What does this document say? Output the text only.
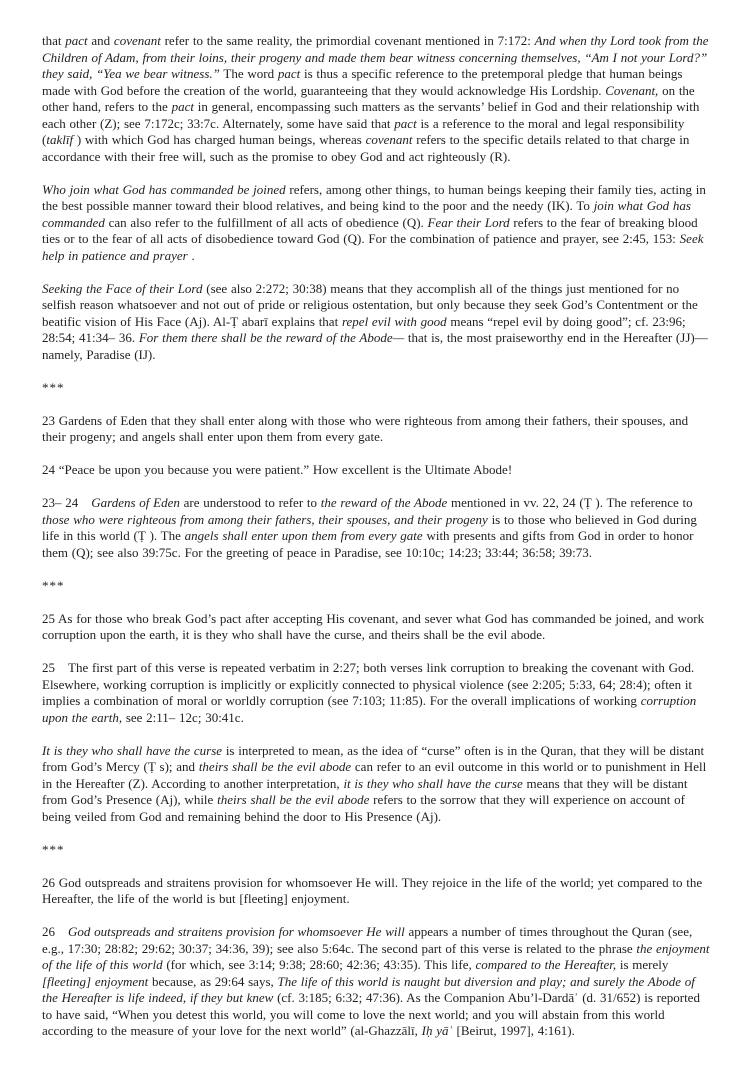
that pact and covenant refer to the same reality, the primordial covenant mentioned in 7:172: And when thy Lord took from the Children of Adam, from their loins, their progeny and made them bear witness concerning themselves, “Am I not your Lord?” they said, “Yea we bear witness.” The word pact is thus a specific reference to the pretemporal pledge that human beings made with God before the creation of the world, guaranteeing that they would acknowledge His Lordship. Covenant, on the other hand, refers to the pact in general, encompassing such matters as the servants’ belief in God and their relationship with each other (Z); see 7:172c; 33:7c. Alternately, some have said that pact is a reference to the moral and legal responsibility (taklīf ) with which God has charged human beings, whereas covenant refers to the specific details related to that charge in accordance with their free will, such as the promise to obey God and act righteously (R).

Who join what God has commanded be joined refers, among other things, to human beings keeping their family ties, acting in the best possible manner toward their blood relatives, and being kind to the poor and the needy (IK). To join what God has commanded can also refer to the fulfillment of all acts of obedience (Q). Fear their Lord refers to the fear of breaking blood ties or to the fear of all acts of disobedience toward God (Q). For the combination of patience and prayer, see 2:45, 153: Seek help in patience and prayer .

Seeking the Face of their Lord (see also 2:272; 30:38) means that they accomplish all of the things just mentioned for no selfish reason whatsoever and not out of pride or religious ostentation, but only because they seek God’s Contentment or the beatific vision of His Face (Aj). Al-Ṭ abarī explains that repel evil with good means “repel evil by doing good”; cf. 23:96; 28:54; 41:34– 36. For them there shall be the reward of the Abode— that is, the most praiseworthy end in the Hereafter (JJ)— namely, Paradise (IJ).

***

23 Gardens of Eden that they shall enter along with those who were righteous from among their fathers, their spouses, and their progeny; and angels shall enter upon them from every gate.

24 “Peace be upon you because you were patient.” How excellent is the Ultimate Abode!

23– 24 Gardens of Eden are understood to refer to the reward of the Abode mentioned in vv. 22, 24 (Ṭ ). The reference to those who were righteous from among their fathers, their spouses, and their progeny is to those who believed in God during life in this world (Ṭ ). The angels shall enter upon them from every gate with presents and gifts from God in order to honor them (Q); see also 39:75c. For the greeting of peace in Paradise, see 10:10c; 14:23; 33:44; 36:58; 39:73.

***

25 As for those who break God’s pact after accepting His covenant, and sever what God has commanded be joined, and work corruption upon the earth, it is they who shall have the curse, and theirs shall be the evil abode.

25 The first part of this verse is repeated verbatim in 2:27; both verses link corruption to breaking the covenant with God. Elsewhere, working corruption is implicitly or explicitly connected to physical violence (see 2:205; 5:33, 64; 28:4); often it implies a combination of moral or worldly corruption (see 7:103; 11:85). For the overall implications of working corruption upon the earth, see 2:11– 12c; 30:41c.

It is they who shall have the curse is interpreted to mean, as the idea of “curse” often is in the Quran, that they will be distant from God’s Mercy (Ṭ s); and theirs shall be the evil abode can refer to an evil outcome in this world or to punishment in Hell in the Hereafter (Z). According to another interpretation, it is they who shall have the curse means that they will be distant from God’s Presence (Aj), while theirs shall be the evil abode refers to the sorrow that they will experience on account of being veiled from God and remaining behind the door to His Presence (Aj).

***

26 God outspreads and straitens provision for whomsoever He will. They rejoice in the life of the world; yet compared to the Hereafter, the life of the world is but [fleeting] enjoyment.

26 God outspreads and straitens provision for whomsoever He will appears a number of times throughout the Quran (see, e.g., 17:30; 28:82; 29:62; 30:37; 34:36, 39); see also 5:64c. The second part of this verse is related to the phrase the enjoyment of the life of this world (for which, see 3:14; 9:38; 28:60; 42:36; 43:35). This life, compared to the Hereafter, is merely [fleeting] enjoyment because, as 29:64 says, The life of this world is naught but diversion and play; and surely the Abode of the Hereafter is life indeed, if they but knew (cf. 3:185; 6:32; 47:36). As the Companion Abu’l-Dardāʾ (d. 31/652) is reported to have said, “When you detest this world, you will come to love the next world; and you will abstain from this world according to the measure of your love for the next world” (al-Ghazzālī, Iḥ yāʾ [Beirut, 1997], 4:161).
